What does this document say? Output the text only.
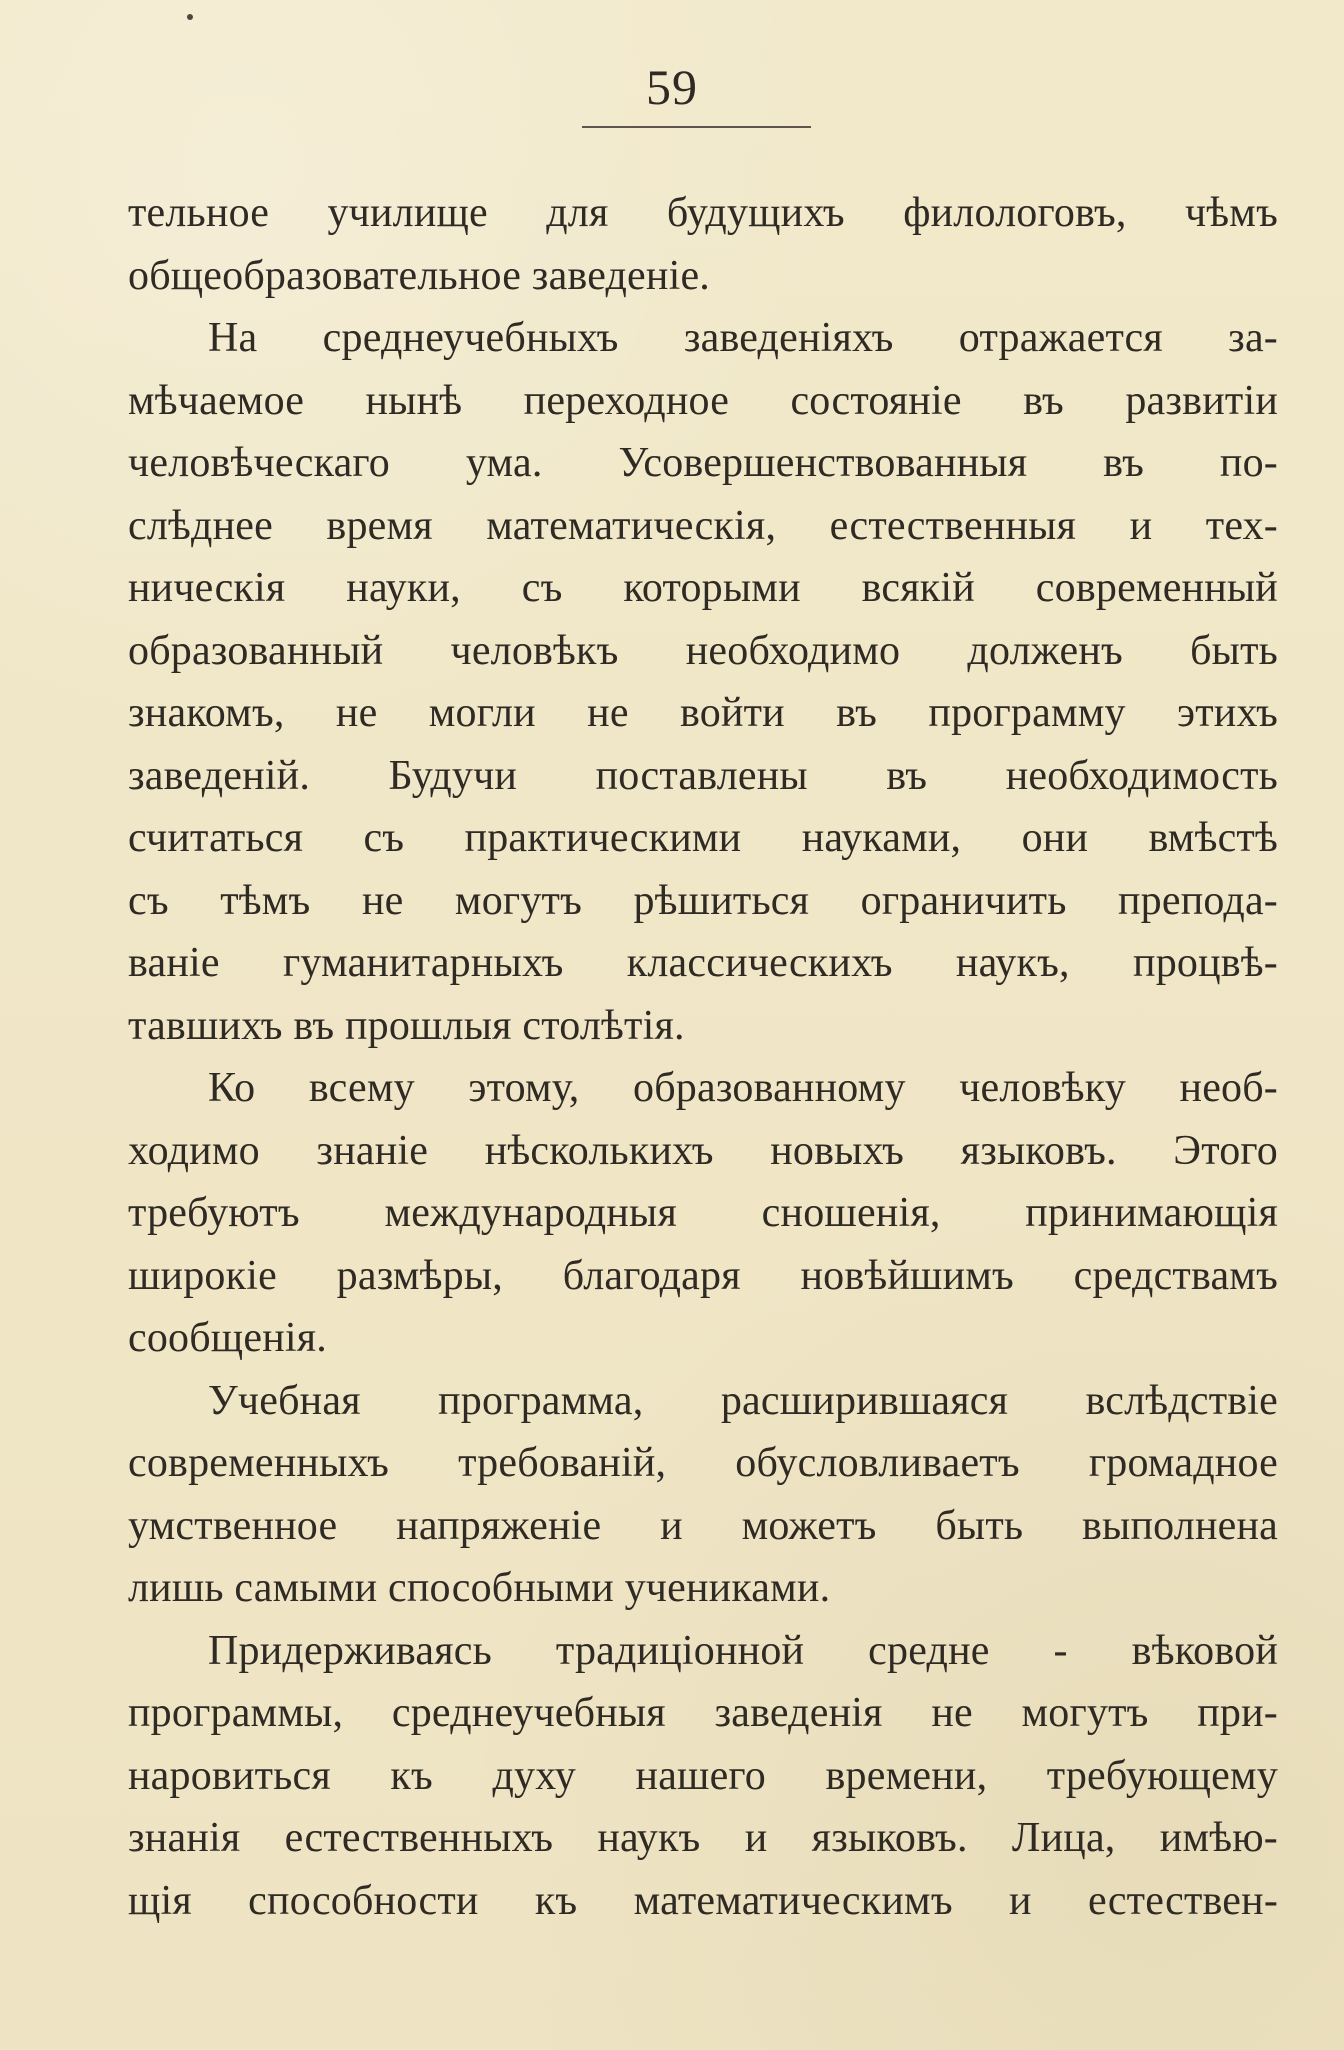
59
тельное училище для будущихъ филологовъ, чѣмъ
общеобразовательное заведеніе.
На среднеучебныхъ заведеніяхъ отражается за-
мѣчаемое нынѣ переходное состояніе въ развитіи
человѣческаго ума. Усовершенствованныя въ по-
слѣднее время математическія, естественныя и тех-
ническія науки, съ которыми всякій современный
образованный человѣкъ необходимо долженъ быть
знакомъ, не могли не войти въ программу этихъ
заведеній. Будучи поставлены въ необходимость
считаться съ практическими науками, они вмѣстѣ
съ тѣмъ не могутъ рѣшиться ограничить препода-
ваніе гуманитарныхъ классическихъ наукъ, процвѣ-
тавшихъ въ прошлыя столѣтія.
Ко всему этому, образованному человѣку необ-
ходимо знаніе нѣсколькихъ новыхъ языковъ. Этого
требуютъ международныя сношенія, принимающія
широкіе размѣры, благодаря новѣйшимъ средствамъ
сообщенія.
Учебная программа, расширившаяся вслѣдствіе
современныхъ требованій, обусловливаетъ громадное
умственное напряженіе и можетъ быть выполнена
лишь самыми способными учениками.
Придерживаясь традиціонной средне - вѣковой
программы, среднеучебныя заведенія не могутъ при-
наровиться къ духу нашего времени, требующему
знанія естественныхъ наукъ и языковъ. Лица, имѣю-
щія способности къ математическимъ и естествен-
